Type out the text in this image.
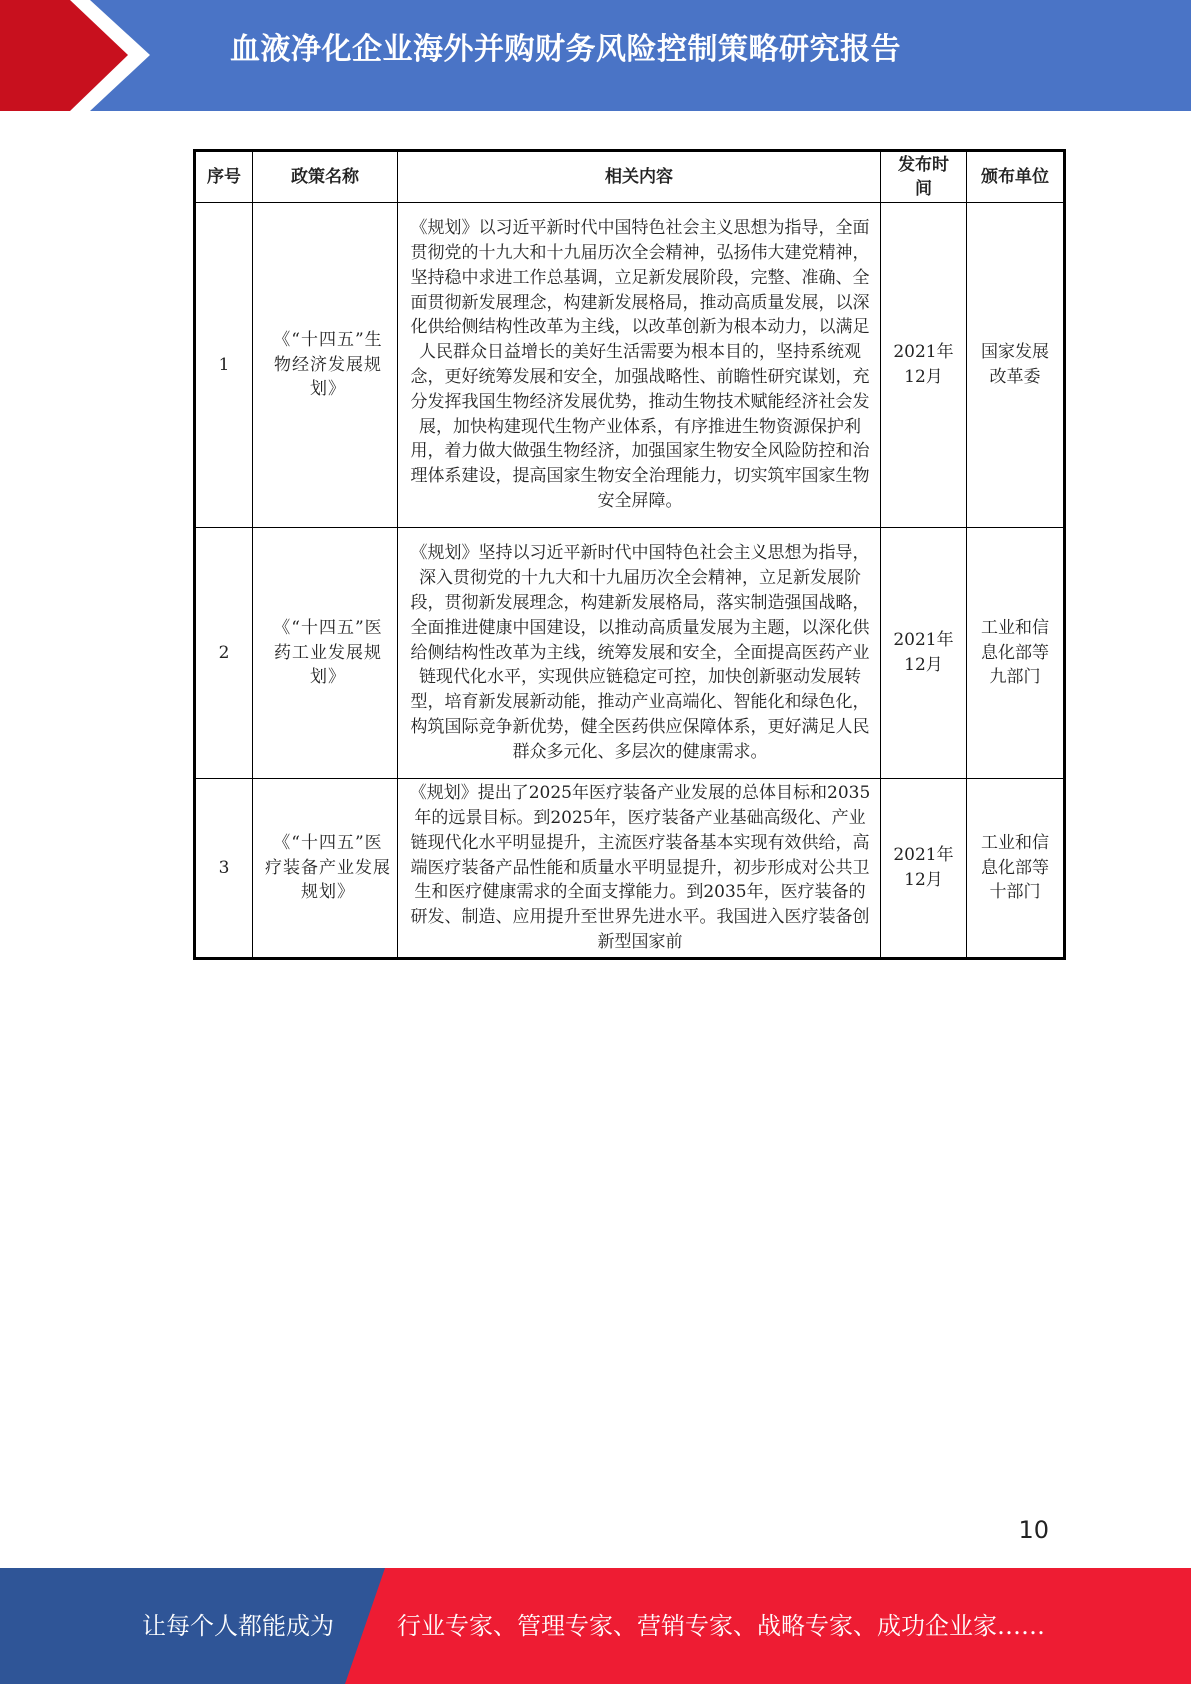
血液净化企业海外并购财务风险控制策略研究报告
序号	政策名称	相关内容	发布时间	颁布单位
1	《“十四五”生物经济发展规划》	《规划》以习近平新时代中国特色社会主义思想为指导，全面贯彻党的十九大和十九届历次全会精神，弘扬伟大建党精神，坚持稳中求进工作总基调，立足新发展阶段，完整、准确、全面贯彻新发展理念，构建新发展格局，推动高质量发展，以深化供给侧结构性改革为主线，以改革创新为根本动力，以满足人民群众日益增长的美好生活需要为根本目的，坚持系统观念，更好统筹发展和安全，加强战略性、前瞻性研究谋划，充分发挥我国生物经济发展优势，推动生物技术赋能经济社会发展，加快构建现代生物产业体系，有序推进生物资源保护利用，着力做大做强生物经济，加强国家生物安全风险防控和治理体系建设，提高国家生物安全治理能力，切实筑牢国家生物安全屏障。	2021年12月	国家发展改革委
2	《“十四五”医药工业发展规划》	《规划》坚持以习近平新时代中国特色社会主义思想为指导，深入贯彻党的十九大和十九届历次全会精神，立足新发展阶段，贯彻新发展理念，构建新发展格局，落实制造强国战略，全面推进健康中国建设，以推动高质量发展为主题，以深化供给侧结构性改革为主线，统筹发展和安全，全面提高医药产业链现代化水平，实现供应链稳定可控，加快创新驱动发展转型，培育新发展新动能，推动产业高端化、智能化和绿色化，构筑国际竞争新优势，健全医药供应保障体系，更好满足人民群众多元化、多层次的健康需求。	2021年12月	工业和信息化部等九部门
3	《“十四五”医疗装备产业发展规划》	《规划》提出了2025年医疗装备产业发展的总体目标和2035年的远景目标。到2025年，医疗装备产业基础高级化、产业链现代化水平明显提升，主流医疗装备基本实现有效供给，高端医疗装备产品性能和质量水平明显提升，初步形成对公共卫生和医疗健康需求的全面支撑能力。到2035年，医疗装备的研发、制造、应用提升至世界先进水平。我国进入医疗装备创新型国家前	2021年12月	工业和信息化部等十部门
10
让每个人都能成为	行业专家、管理专家、营销专家、战略专家、成功企业家……
